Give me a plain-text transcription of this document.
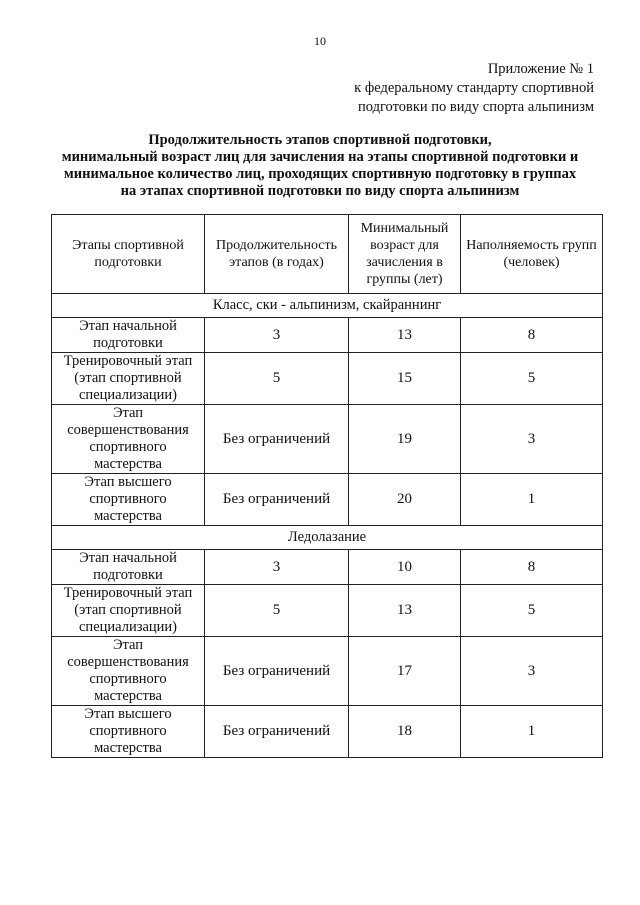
10
Приложение № 1
к федеральному стандарту спортивной
подготовки по виду спорта альпинизм
Продолжительность этапов спортивной подготовки,
минимальный возраст лиц для зачисления на этапы спортивной подготовки и
минимальное количество лиц, проходящих спортивную подготовку в группах
на этапах спортивной подготовки по виду спорта альпинизм
Этапы спортивной подготовки	Продолжительность этапов (в годах)	Минимальный возраст для зачисления в группы (лет)	Наполняемость групп (человек)
Класс, ски - альпинизм, скайраннинг			
Этап начальной подготовки	3	13	8
Тренировочный этап (этап спортивной специализации)	5	15	5
Этап совершенствования спортивного мастерства	Без ограничений	19	3
Этап высшего спортивного мастерства	Без ограничений	20	1
Ледолазание			
Этап начальной подготовки	3	10	8
Тренировочный этап (этап спортивной специализации)	5	13	5
Этап совершенствования спортивного мастерства	Без ограничений	17	3
Этап высшего спортивного мастерства	Без ограничений	18	1
